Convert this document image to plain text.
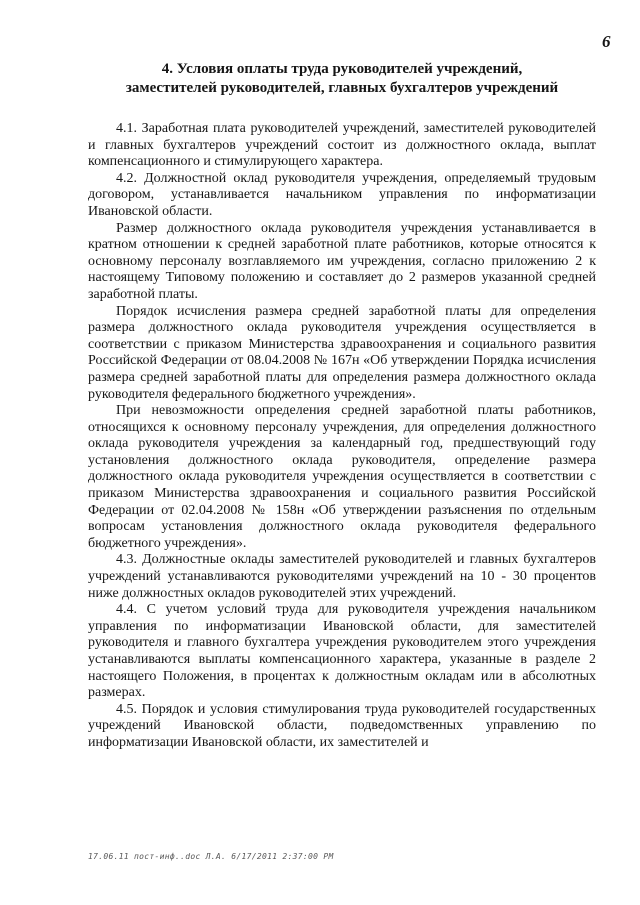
6
4. Условия оплаты труда руководителей учреждений,
заместителей руководителей, главных бухгалтеров учреждений

4.1. Заработная плата руководителей учреждений, заместителей руководителей и главных бухгалтеров учреждений состоит из должностного оклада, выплат компенсационного и стимулирующего характера.

4.2. Должностной оклад руководителя учреждения, определяемый трудовым договором, устанавливается начальником управления по информатизации Ивановской области.

Размер должностного оклада руководителя учреждения устанавливается в кратном отношении к средней заработной плате работников, которые относятся к основному персоналу возглавляемого им учреждения, согласно приложению 2 к настоящему Типовому положению и составляет до 2 размеров указанной средней заработной платы.

Порядок исчисления размера средней заработной платы для определения размера должностного оклада руководителя учреждения осуществляется в соответствии с приказом Министерства здравоохранения и социального развития Российской Федерации от 08.04.2008 № 167н «Об утверждении Порядка исчисления размера средней заработной платы для определения размера должностного оклада руководителя федерального бюджетного учреждения».

При невозможности определения средней заработной платы работников, относящихся к основному персоналу учреждения, для определения должностного оклада руководителя учреждения за календарный год, предшествующий году установления должностного оклада руководителя, определение размера должностного оклада руководителя учреждения осуществляется в соответствии с приказом Министерства здравоохранения и социального развития Российской Федерации от 02.04.2008 № 158н «Об утверждении разъяснения по отдельным вопросам установления должностного оклада руководителя федерального бюджетного учреждения».

4.3. Должностные оклады заместителей руководителей и главных бухгалтеров учреждений устанавливаются руководителями учреждений на 10 - 30 процентов ниже должностных окладов руководителей этих учреждений.

4.4. С учетом условий труда для руководителя учреждения начальником управления по информатизации Ивановской области, для заместителей руководителя и главного бухгалтера учреждения руководителем этого учреждения устанавливаются выплаты компенсационного характера, указанные в разделе 2 настоящего Положения, в процентах к должностным окладам или в абсолютных размерах.

4.5. Порядок и условия стимулирования труда руководителей государственных учреждений Ивановской области, подведомственных управлению по информатизации Ивановской области, их заместителей и

17.06.11 пост-инф..doc Л.А. 6/17/2011 2:37:00 PM
